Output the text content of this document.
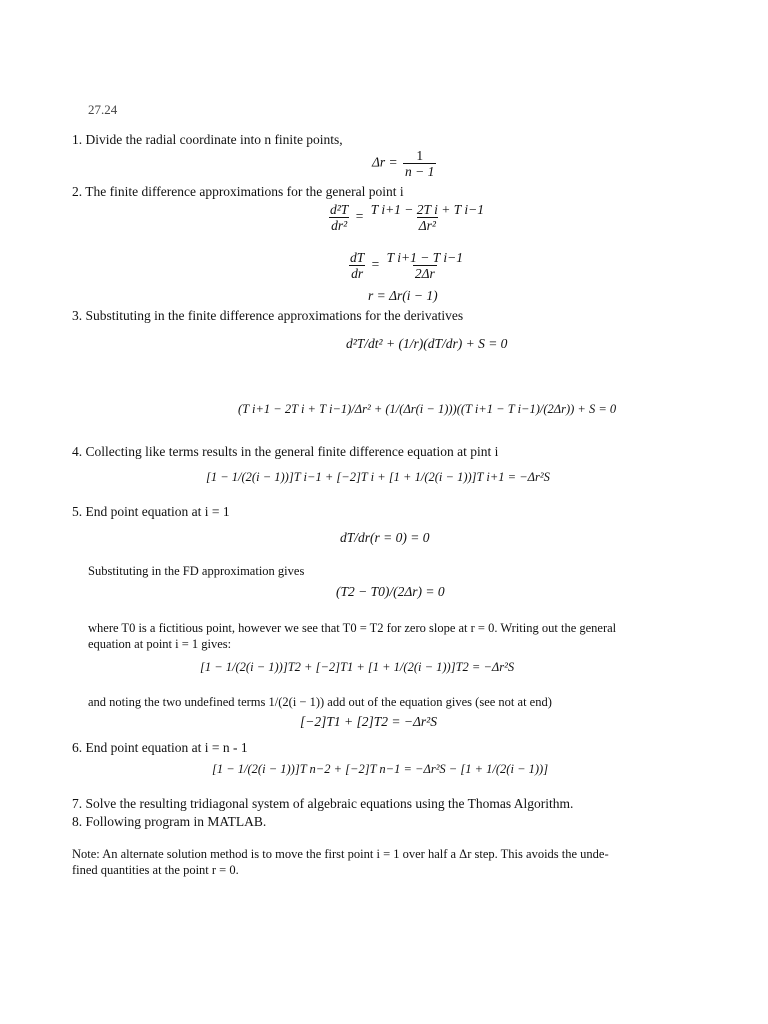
27.24
1. Divide the radial coordinate into n finite points,
$\Delta r = \frac{1}{n - 1}$
2. The finite difference approximations for the general point i
$\frac{\text{d²T}}{\text{dr²}} = \frac{\text{T i+1 − 2T i + T i−1}}{\text{Δr²}}$
$\frac{dT}{dr} = \frac{\text{T i+1 − T i−1}}{2\Delta r}$
r = Δr(i − 1)
3. Substituting in the finite difference approximations for the derivatives
d²T/dt² + (1/r)(dT/dr) + S = 0
(T i+1 − 2T i + T i−1)/Δr² + (1/(Δr(i − 1)))((T i+1 − T i−1)/(2Δr)) + S = 0
4. Collecting like terms results in the general finite difference equation at pint i
[1 − 1/(2(i − 1))]T i−1 + [−2]T i + [1 + 1/(2(i − 1))]T i+1 = −Δr²S
5. End point equation at i = 1
dT/dr(r = 0) = 0
Substituting in the FD approximation gives
(T2 − T0)/(2Δr) = 0
where T0 is a fictitious point, however we see that T0 = T2 for zero slope at r = 0. Writing out the general
equation at point i = 1 gives:
[1 − 1/(2(i − 1))]T2 + [−2]T1 + [1 + 1/(2(i − 1))]T2 = −Δr²S
and noting the two undefined terms 1/(2(i − 1)) add out of the equation gives (see not at end)
[−2]T1 + [2]T2 = −Δr²S
6. End point equation at i = n - 1
[1 − 1/(2(i − 1))]T n−2 + [−2]T n−1 = −Δr²S − [1 + 1/(2(i − 1))]
7. Solve the resulting tridiagonal system of algebraic equations using the Thomas Algorithm.
8. Following program in MATLAB.
Note: An alternate solution method is to move the first point i = 1 over half a Δr step. This avoids the unde-
fined quantities at the point r = 0.
